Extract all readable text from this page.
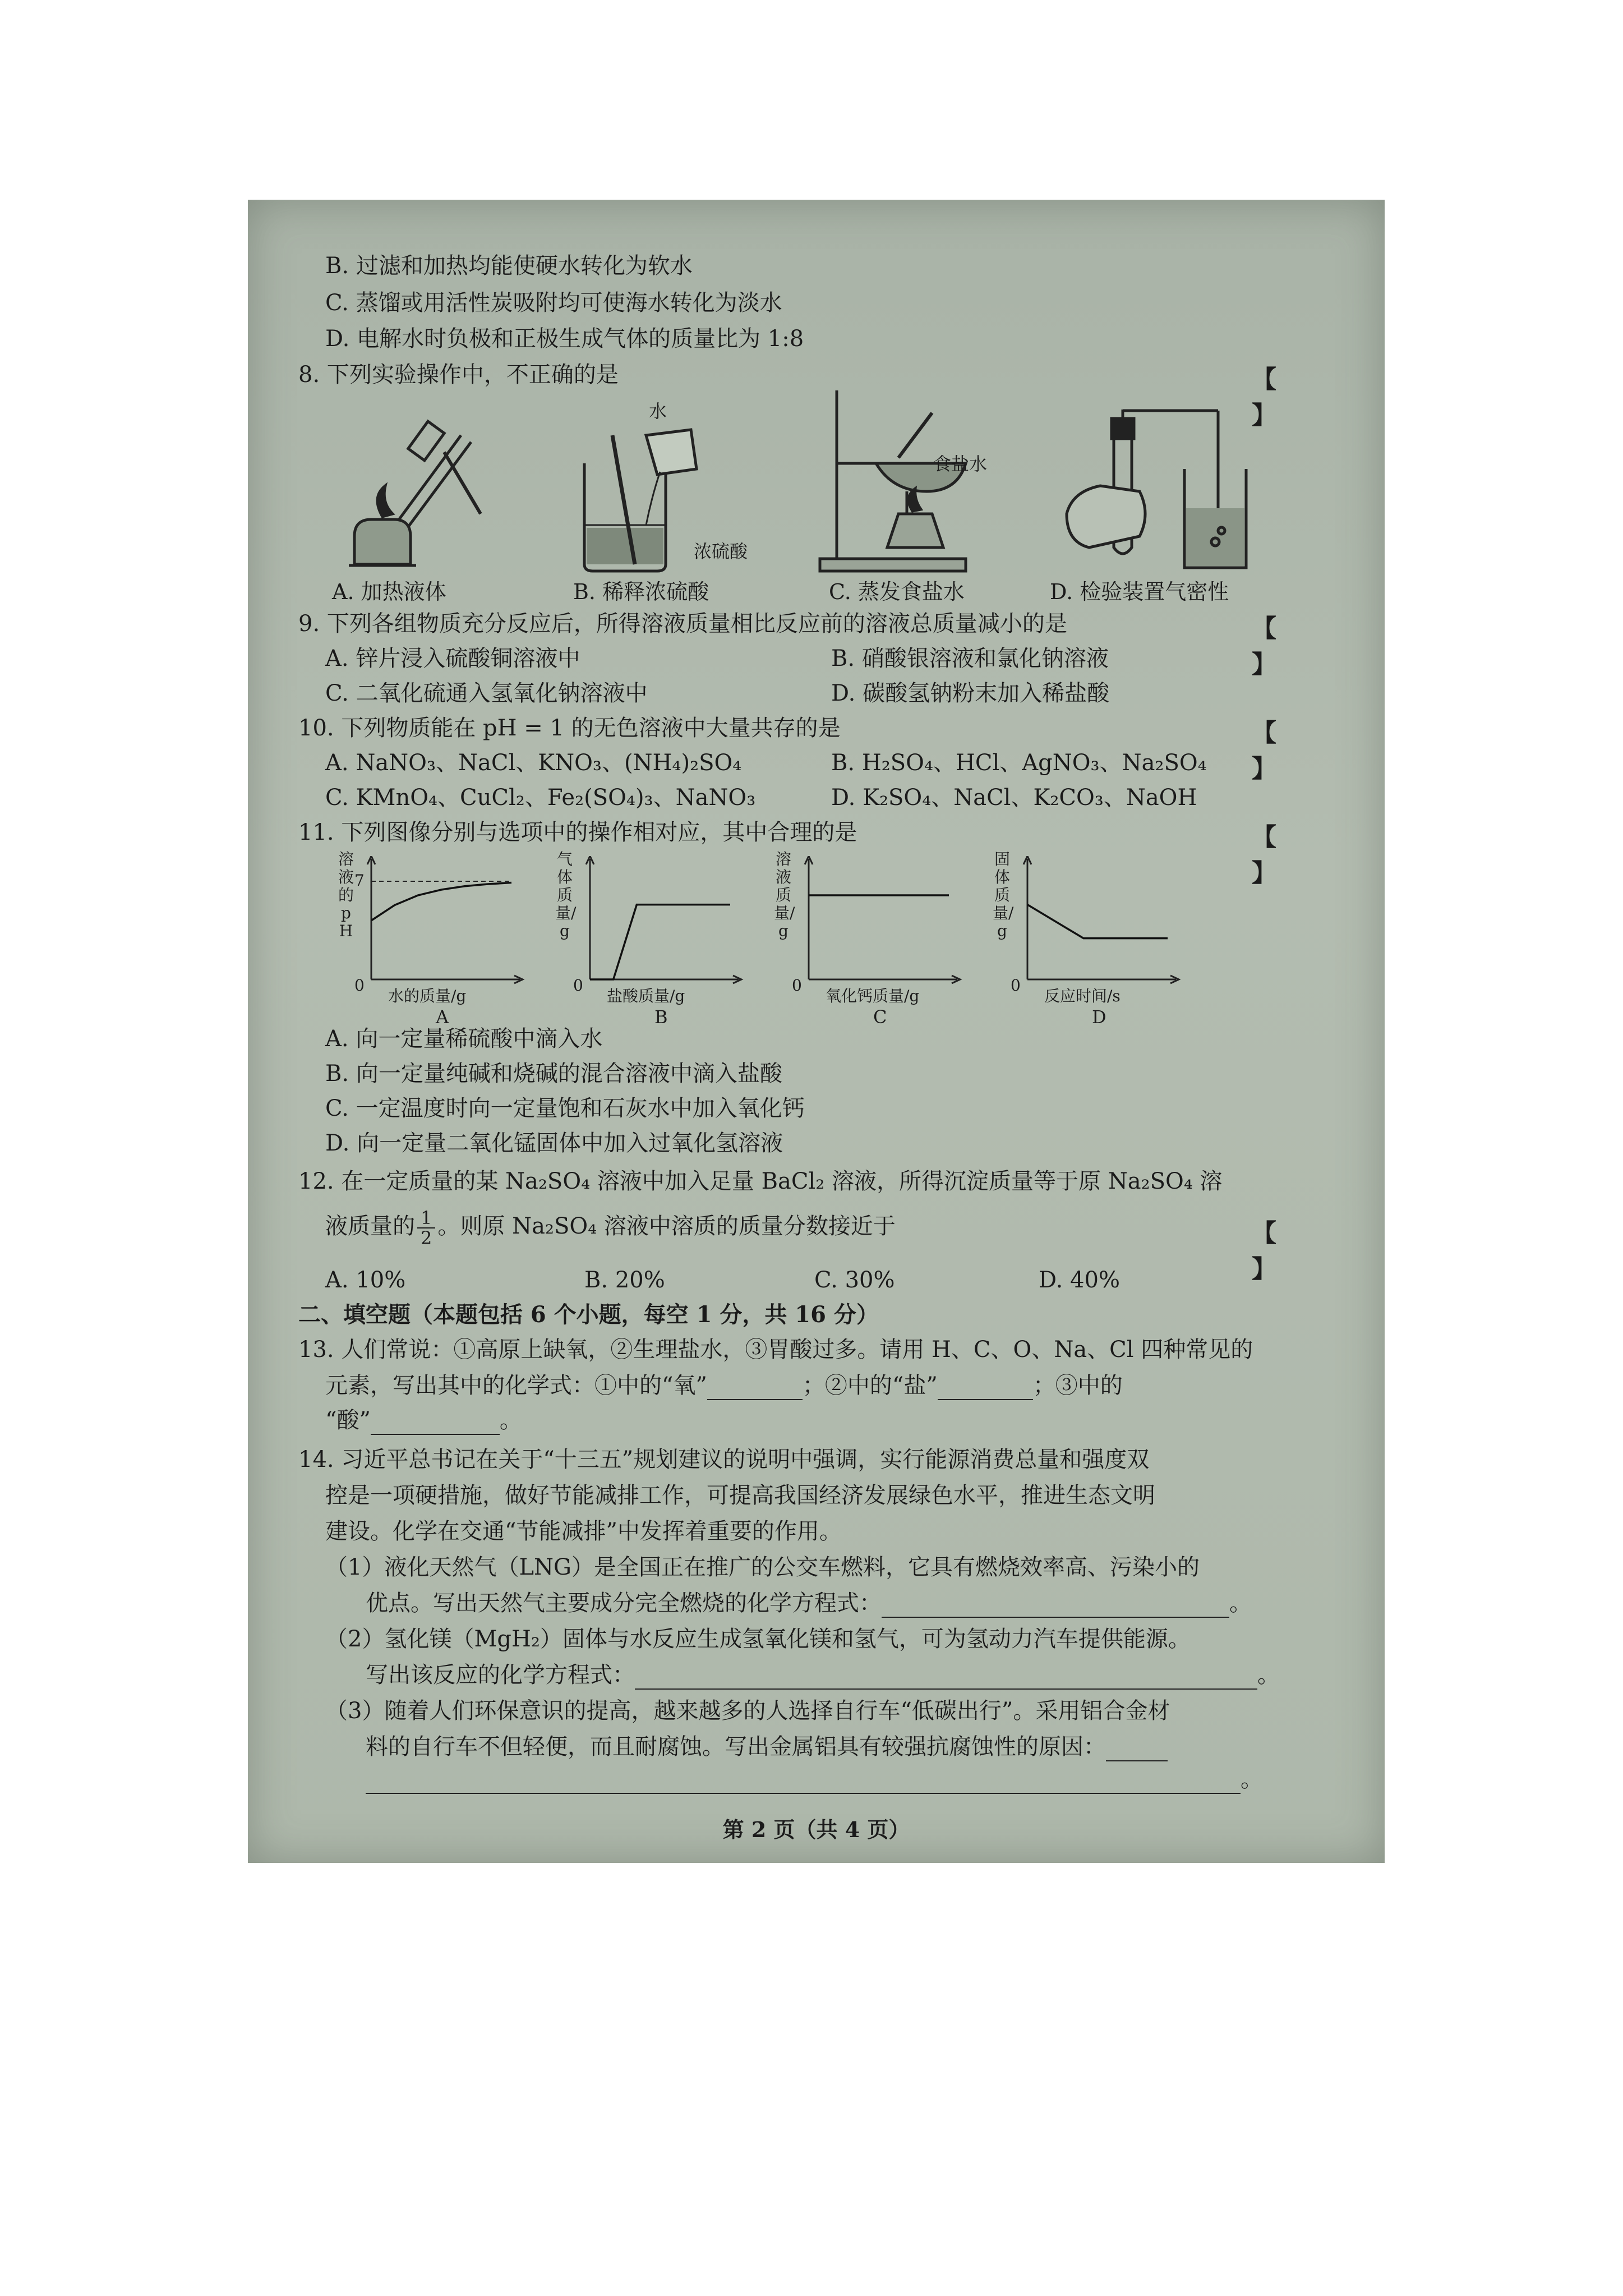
B. 过滤和加热均能使硬水转化为软水
C. 蒸馏或用活性炭吸附均可使海水转化为淡水
D. 电解水时负极和正极生成气体的质量比为 1:8
8. 下列实验操作中，不正确的是	【 】
A. 加热液体
水
浓硫酸
B. 稀释浓硫酸
食盐水
C. 蒸发食盐水	D. 检验装置气密性
9. 下列各组物质充分反应后，所得溶液质量相比反应前的溶液总质量减小的是	【 】
A. 锌片浸入硫酸铜溶液中	B. 硝酸银溶液和氯化钠溶液
C. 二氧化硫通入氢氧化钠溶液中	D. 碳酸氢钠粉末加入稀盐酸
10. 下列物质能在 pH = 1 的无色溶液中大量共存的是	【 】
A. NaNO₃、NaCl、KNO₃、(NH₄)₂SO₄	B. H₂SO₄、HCl、AgNO₃、Na₂SO₄
C. KMnO₄、CuCl₂、Fe₂(SO₄)₃、NaNO₃	D. K₂SO₄、NaCl、K₂CO₃、NaOH
11. 下列图像分别与选项中的操作相对应，其中合理的是	【 】
溶液的pH
7
0
水的质量/g
A
气体质量/g
0
盐酸质量/g
B
溶液质量/g
0
氧化钙质量/g
C
固体质量/g
0
反应时间/s
D
A. 向一定量稀硫酸中滴入水
B. 向一定量纯碱和烧碱的混合溶液中滴入盐酸
C. 一定温度时向一定量饱和石灰水中加入氧化钙
D. 向一定量二氧化锰固体中加入过氧化氢溶液
12. 在一定质量的某 Na₂SO₄ 溶液中加入足量 BaCl₂ 溶液，所得沉淀质量等于原 Na₂SO₄ 溶
液质量的 $\frac{1}{2}$ 。则原 Na₂SO₄ 溶液中溶质的质量分数接近于	【 】
A. 10%	B. 20%	C. 30%	D. 40%
二、填空题（本题包括 6 个小题，每空 1 分，共 16 分）
13. 人们常说：①高原上缺氧，②生理盐水，③胃酸过多。请用 H、C、O、Na、Cl 四种常见的
元素，写出其中的化学式：①中的“氧”	；②中的“盐”	；③中的
“酸”	。
14. 习近平总书记在关于“十三五”规划建议的说明中强调，实行能源消费总量和强度双
控是一项硬措施，做好节能减排工作，可提高我国经济发展绿色水平，推进生态文明
建设。化学在交通“节能减排”中发挥着重要的作用。
（1）液化天然气（LNG）是全国正在推广的公交车燃料，它具有燃烧效率高、污染小的
优点。写出天然气主要成分完全燃烧的化学方程式：	。
（2）氢化镁（MgH₂）固体与水反应生成氢氧化镁和氢气，可为氢动力汽车提供能源。
写出该反应的化学方程式：	。
（3）随着人们环保意识的提高，越来越多的人选择自行车“低碳出行”。采用铝合金材
料的自行车不但轻便，而且耐腐蚀。写出金属铝具有较强抗腐蚀性的原因：
。
第 2 页（共 4 页）
